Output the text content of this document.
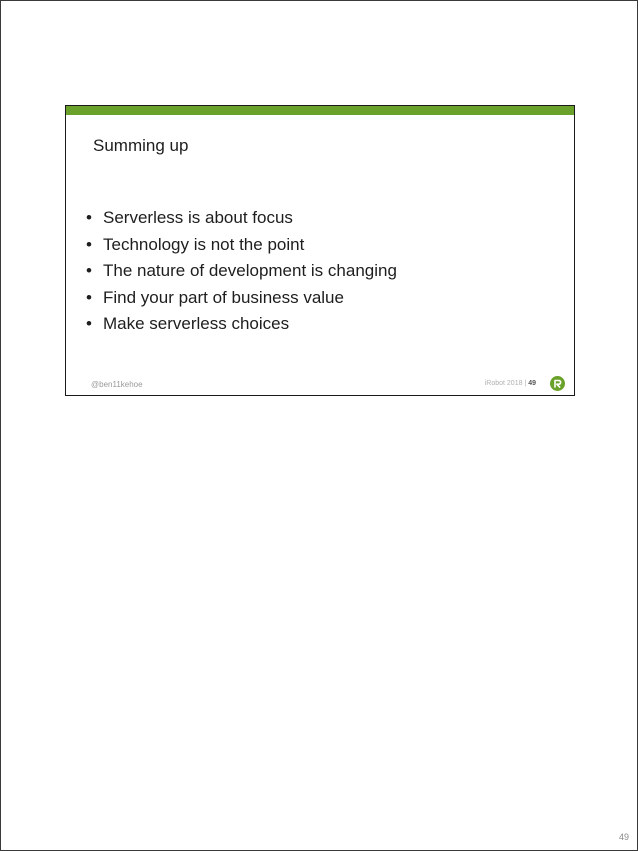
Summing up
• Serverless is about focus
• Technology is not the point
• The nature of development is changing
• Find your part of business value
• Make serverless choices
@ben11kehoe	iRobot 2018 | 49
49
